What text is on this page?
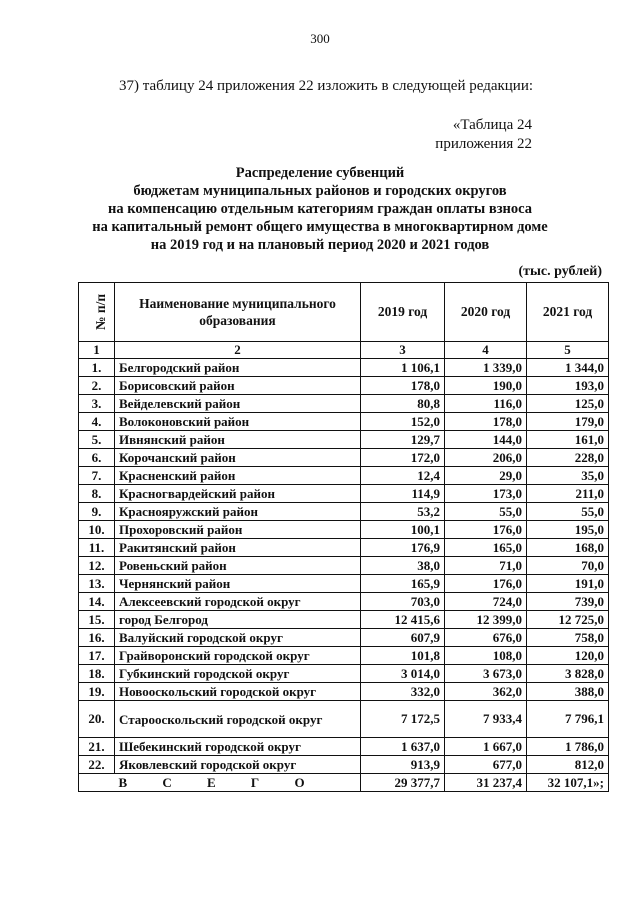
300
37) таблицу 24 приложения 22 изложить в следующей редакции:
«Таблица 24
приложения 22
Распределение субвенций
бюджетам муниципальных районов и городских округов
на компенсацию отдельным категориям граждан оплаты взноса
на капитальный ремонт общего имущества в многоквартирном доме
на 2019 год и на плановый период 2020 и 2021 годов
(тыс. рублей)
№ п/п	Наименование муниципального образования	2019 год	2020 год	2021 год
1	2	3	4	5
1.	Белгородский район	1 106,1	1 339,0	1 344,0
2.	Борисовский район	178,0	190,0	193,0
3.	Вейделевский район	80,8	116,0	125,0
4.	Волоконовский район	152,0	178,0	179,0
5.	Ивнянский район	129,7	144,0	161,0
6.	Корочанский район	172,0	206,0	228,0
7.	Красненский район	12,4	29,0	35,0
8.	Красногвардейский район	114,9	173,0	211,0
9.	Краснояружский район	53,2	55,0	55,0
10.	Прохоровский район	100,1	176,0	195,0
11.	Ракитянский район	176,9	165,0	168,0
12.	Ровеньский район	38,0	71,0	70,0
13.	Чернянский район	165,9	176,0	191,0
14.	Алексеевский городской округ	703,0	724,0	739,0
15.	город Белгород	12 415,6	12 399,0	12 725,0
16.	Валуйский городской округ	607,9	676,0	758,0
17.	Грайворонский городской округ	101,8	108,0	120,0
18.	Губкинский городской округ	3 014,0	3 673,0	3 828,0
19.	Новооскольский городской округ	332,0	362,0	388,0
20.	Старооскольский городской округ	7 172,5	7 933,4	7 796,1
21.	Шебекинский городской округ	1 637,0	1 667,0	1 786,0
22.	Яковлевский городской округ	913,9	677,0	812,0
В С Е Г О		29 377,7	31 237,4	32 107,1»;
